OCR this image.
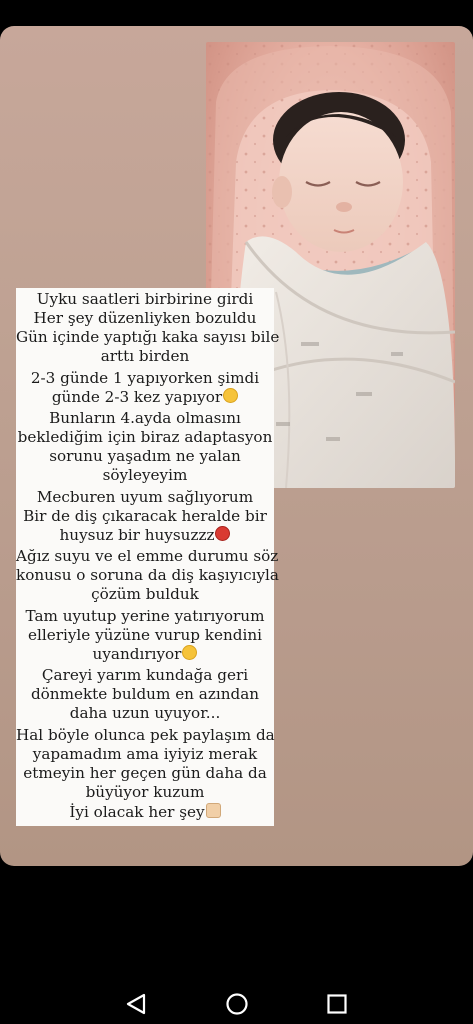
Uyku saatleri birbirine girdi
Her şey düzenliyken bozuldu
Gün içinde yaptığı kaka sayısı bile
arttı birden
2-3 günde 1 yapıyorken şimdi
günde 2-3 kez yapıyor
Bunların 4.ayda olmasını
beklediğim için biraz adaptasyon
sorunu yaşadım ne yalan
söyleyeyim
Mecburen uyum sağlıyorum
Bir de diş çıkaracak heralde bir
huysuz bir huysuzzz
Ağız suyu ve el emme durumu söz
konusu o soruna da diş kaşıyıcıyla
çözüm bulduk
Tam uyutup yerine yatırıyorum
elleriyle yüzüne vurup kendini
uyandırıyor
Çareyi yarım kundağa geri
dönmekte buldum en azından
daha uzun uyuyor...
Hal böyle olunca pek paylaşım da
yapamadım ama iyiyiz merak
etmeyin her geçen gün daha da
büyüyor kuzum
İyi olacak her şey
